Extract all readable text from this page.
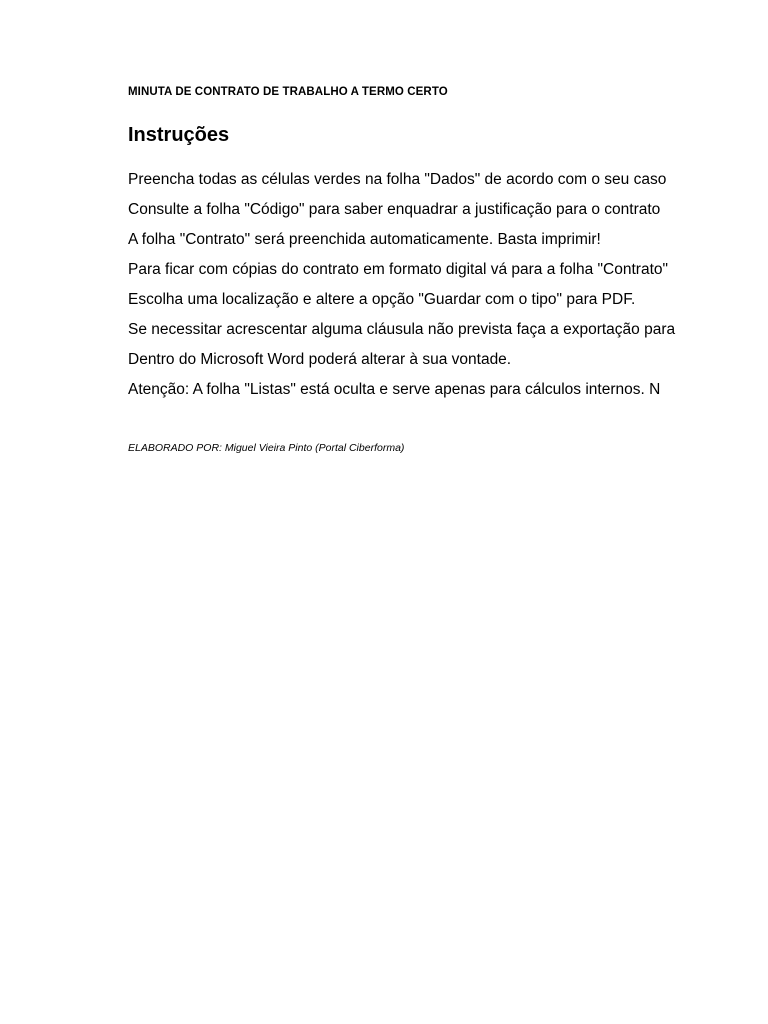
MINUTA DE CONTRATO DE TRABALHO A TERMO CERTO

Instruções
Preencha todas as células verdes na folha "Dados" de acordo com o seu caso
Consulte a folha "Código" para saber enquadrar a justificação para o contrato
A folha "Contrato" será preenchida automaticamente. Basta imprimir!
Para ficar com cópias do contrato em formato digital vá para a folha "Contrato"
Escolha uma localização e altere a opção "Guardar com o tipo" para PDF.
Se necessitar acrescentar alguma cláusula não prevista faça a exportação para
Dentro do Microsoft Word poderá alterar à sua vontade.
Atenção: A folha "Listas" está oculta e serve apenas para cálculos internos. N

ELABORADO POR: Miguel Vieira Pinto (Portal Ciberforma)
